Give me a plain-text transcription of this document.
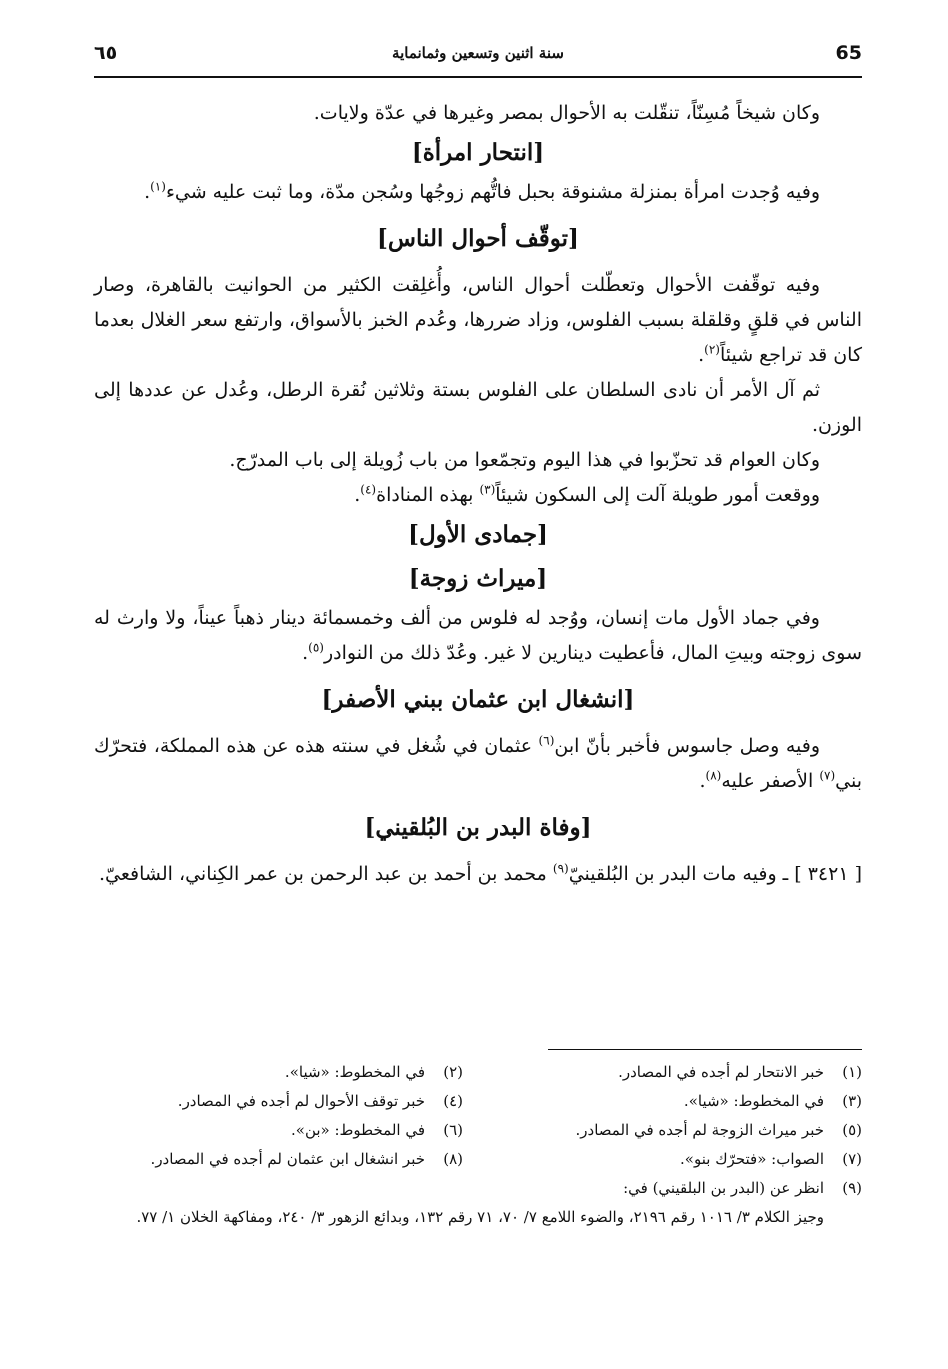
65
سنة اثنين وتسعين وثمانماية
٦٥

وكان شيخاً مُسِنّاً، تنقّلت به الأحوال بمصر وغيرها في عدّة ولايات.

[انتحار امرأة]

وفيه وُجدت امرأة بمنزلة مشنوقة بحبل فاتُّهم زوجُها وسُجن مدّة، وما ثبت عليه شيء$^{(١)}$.

[توقّف أحوال الناس]

وفيه توقّفت الأحوال وتعطّلت أحوال الناس، وأُغلِقت الكثير من الحوانيت بالقاهرة، وصار الناس في قلقٍ وقلقلة بسبب الفلوس، وزاد ضررها، وعُدم الخبز بالأسواق، وارتفع سعر الغلال بعدما كان قد تراجع شيئاً$^{(٢)}$.

ثم آل الأمر أن نادى السلطان على الفلوس بستة وثلاثين نُقرة الرطل، وعُدل عن عددها إلى الوزن.

وكان العوام قد تحزّبوا في هذا اليوم وتجمّعوا من باب زُويلة إلى باب المدرّج.

ووقعت أمور طويلة آلت إلى السكون شيئاً$^{(٣)}$ بهذه المناداة$^{(٤)}$.

[جمادى الأول]

[ميراث زوجة]

وفي جماد الأول مات إنسان، ووُجد له فلوس من ألف وخمسمائة دينار ذهباً عيناً، ولا وارث له سوى زوجته وبيتِ المال، فأعطيت دينارين لا غير. وعُدّ ذلك من النوادر$^{(٥)}$.

[انشغال ابن عثمان ببني الأصفر]

وفيه وصل جاسوس فأخبر بأنّ ابن$^{(٦)}$ عثمان في شُغل في سنته هذه عن هذه المملكة، فتحرّك بني$^{(٧)}$ الأصفر عليه$^{(٨)}$.

[وفاة البدر بن البُلقيني]

[ ٣٤٢١ ] ـ وفيه مات البدر بن البُلقينيّ$^{(٩)}$ محمد بن أحمد بن عبد الرحمن بن عمر الكِناني، الشافعيّ.

(١)خبر الانتحار لم أجده في المصادر.
(٢)في المخطوط: «شيا».
(٣)في المخطوط: «شيا».
(٤)خبر توقف الأحوال لم أجده في المصادر.
(٥)خبر ميراث الزوجة لم أجده في المصادر.
(٦)في المخطوط: «بن».
(٧)الصواب: «فتحرّك بنو».
(٨)خبر انشغال ابن عثمان لم أجده في المصادر.
(٩)انظر عن (البدر بن البلقيني) في:
وجيز الكلام ٣/ ١٠١٦ رقم ٢١٩٦، والضوء اللامع ٧/ ٧٠، ٧١ رقم ١٣٢، وبدائع الزهور ٣/ ٢٤٠، ومفاكهة الخلان ١/ ٧٧.
